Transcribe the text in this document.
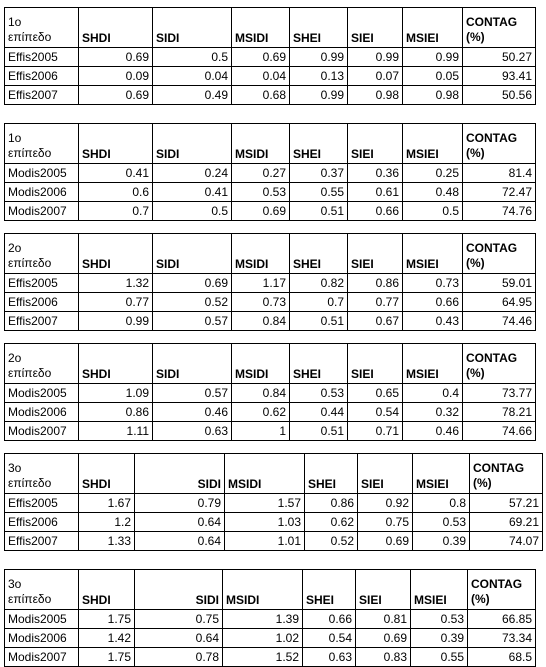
1o
επίπεδο	SHDI	SIDI	MSIDI	SHEI	SIEI	MSIEI	CONTAG
(%)
Effis2005	0.69	0.5	0.69	0.99	0.99	0.99	50.27
Effis2006	0.09	0.04	0.04	0.13	0.07	0.05	93.41
Effis2007	0.69	0.49	0.68	0.99	0.98	0.98	50.56
1o
επίπεδο	SHDI	SIDI	MSIDI	SHEI	SIEI	MSIEI	CONTAG
(%)
Modis2005	0.41	0.24	0.27	0.37	0.36	0.25	81.4
Modis2006	0.6	0.41	0.53	0.55	0.61	0.48	72.47
Modis2007	0.7	0.5	0.69	0.51	0.66	0.5	74.76
2o
επίπεδο	SHDI	SIDI	MSIDI	SHEI	SIEI	MSIEI	CONTAG
(%)
Effis2005	1.32	0.69	1.17	0.82	0.86	0.73	59.01
Effis2006	0.77	0.52	0.73	0.7	0.77	0.66	64.95
Effis2007	0.99	0.57	0.84	0.51	0.67	0.43	74.46
2o
επίπεδο	SHDI	SIDI	MSIDI	SHEI	SIEI	MSIEI	CONTAG
(%)
Modis2005	1.09	0.57	0.84	0.53	0.65	0.4	73.77
Modis2006	0.86	0.46	0.62	0.44	0.54	0.32	78.21
Modis2007	1.11	0.63	1	0.51	0.71	0.46	74.66
3o
επίπεδο	SHDI	SIDI	MSIDI	SHEI	SIEI	MSIEI	CONTAG
(%)
Effis2005	1.67	0.79	1.57	0.86	0.92	0.8	57.21
Effis2006	1.2	0.64	1.03	0.62	0.75	0.53	69.21
Effis2007	1.33	0.64	1.01	0.52	0.69	0.39	74.07
3o
επίπεδο	SHDI	SIDI	MSIDI	SHEI	SIEI	MSIEI	CONTAG
(%)
Modis2005	1.75	0.75	1.39	0.66	0.81	0.53	66.85
Modis2006	1.42	0.64	1.02	0.54	0.69	0.39	73.34
Modis2007	1.75	0.78	1.52	0.63	0.83	0.55	68.5
